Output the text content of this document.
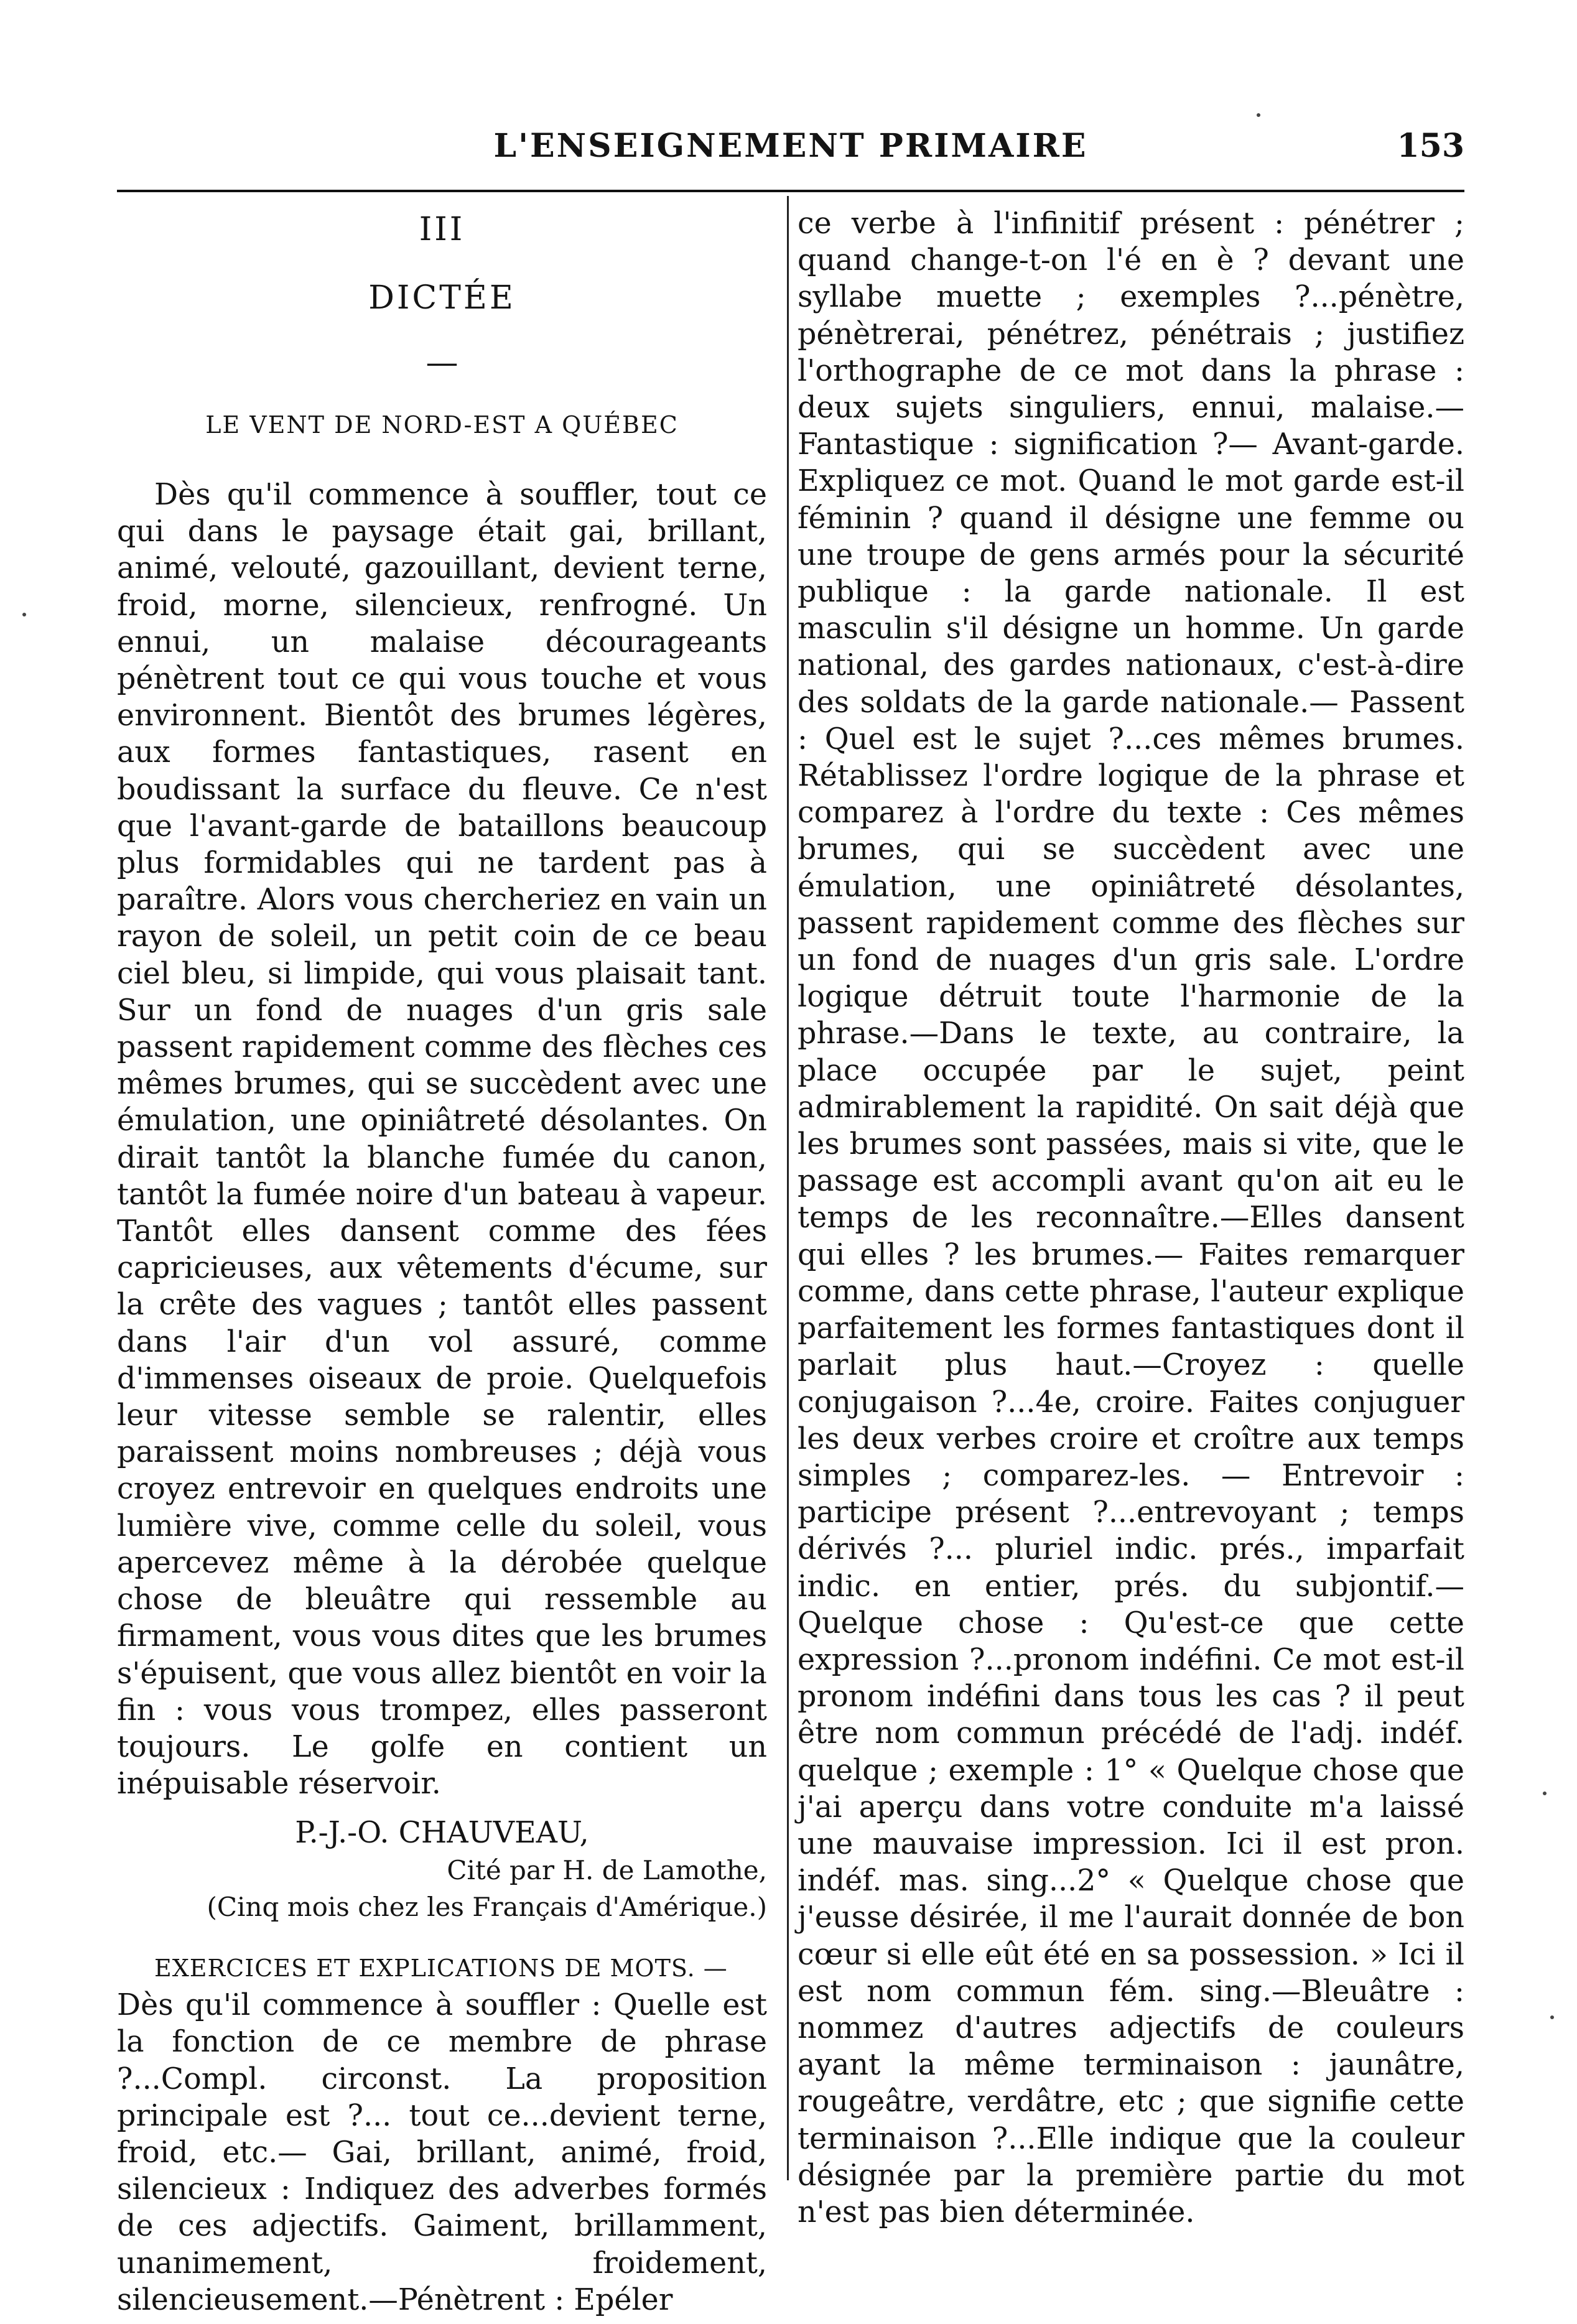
L'ENSEIGNEMENT PRIMAIRE	153

III

DICTÉE

—

LE VENT DE NORD-EST A QUÉBEC

Dès qu'il commence à souffler, tout ce qui dans le paysage était gai, brillant, animé, velouté, gazouillant, devient terne, froid, morne, silencieux, renfrogné. Un ennui, un malaise décourageants pénètrent tout ce qui vous touche et vous environnent. Bientôt des brumes légères, aux formes fantastiques, rasent en boudissant la surface du fleuve. Ce n'est que l'avant-garde de bataillons beaucoup plus formidables qui ne tardent pas à paraître. Alors vous chercheriez en vain un rayon de soleil, un petit coin de ce beau ciel bleu, si limpide, qui vous plaisait tant. Sur un fond de nuages d'un gris sale passent rapidement comme des flèches ces mêmes brumes, qui se succèdent avec une émulation, une opiniâtreté désolantes. On dirait tantôt la blanche fumée du canon, tantôt la fumée noire d'un bateau à vapeur. Tantôt elles dansent comme des fées capricieuses, aux vêtements d'écume, sur la crête des vagues ; tantôt elles passent dans l'air d'un vol assuré, comme d'immenses oiseaux de proie. Quelquefois leur vitesse semble se ralentir, elles paraissent moins nombreuses ; déjà vous croyez entrevoir en quelques endroits une lumière vive, comme celle du soleil, vous apercevez même à la dérobée quelque chose de bleuâtre qui ressemble au firmament, vous vous dites que les brumes s'épuisent, que vous allez bientôt en voir la fin : vous vous trompez, elles passeront toujours. Le golfe en contient un inépuisable réservoir.

P.-J.-O. CHAUVEAU,

Cité par H. de Lamothe,

(Cinq mois chez les Français d'Amérique.)

EXERCICES ET EXPLICATIONS DE MOTS. —

Dès qu'il commence à souffler : Quelle est la fonction de ce membre de phrase ?...Compl. circonst. La proposition principale est ?... tout ce...devient terne, froid, etc.— Gai, brillant, animé, froid, silencieux : Indiquez des adverbes formés de ces adjectifs. Gaiment, brillamment, unanimement, froidement, silencieusement.—Pénètrent : Epéler

ce verbe à l'infinitif présent : pénétrer ; quand change-t-on l'é en è ? devant une syllabe muette ; exemples ?...pénètre, pénètrerai, pénétrez, pénétrais ; justifiez l'orthographe de ce mot dans la phrase : deux sujets singuliers, ennui, malaise.—Fantastique : signification ?— Avant-garde. Expliquez ce mot. Quand le mot garde est-il féminin ? quand il désigne une femme ou une troupe de gens armés pour la sécurité publique : la garde nationale. Il est masculin s'il désigne un homme. Un garde national, des gardes nationaux, c'est-à-dire des soldats de la garde nationale.— Passent : Quel est le sujet ?...ces mêmes brumes. Rétablissez l'ordre logique de la phrase et comparez à l'ordre du texte : Ces mêmes brumes, qui se succèdent avec une émulation, une opiniâtreté désolantes, passent rapidement comme des flèches sur un fond de nuages d'un gris sale. L'ordre logique détruit toute l'harmonie de la phrase.—Dans le texte, au contraire, la place occupée par le sujet, peint admirablement la rapidité. On sait déjà que les brumes sont passées, mais si vite, que le passage est accompli avant qu'on ait eu le temps de les reconnaître.—Elles dansent qui elles ? les brumes.— Faites remarquer comme, dans cette phrase, l'auteur explique parfaitement les formes fantastiques dont il parlait plus haut.—Croyez : quelle conjugaison ?...4e, croire. Faites conjuguer les deux verbes croire et croître aux temps simples ; comparez-les. — Entrevoir : participe présent ?...entrevoyant ; temps dérivés ?... pluriel indic. prés., imparfait indic. en entier, prés. du subjontif.—Quelque chose : Qu'est-ce que cette expression ?...pronom indéfini. Ce mot est-il pronom indéfini dans tous les cas ? il peut être nom commun précédé de l'adj. indéf. quelque ; exemple : 1° « Quelque chose que j'ai aperçu dans votre conduite m'a laissé une mauvaise impression. Ici il est pron. indéf. mas. sing...2° « Quelque chose que j'eusse désirée, il me l'aurait donnée de bon cœur si elle eût été en sa possession. » Ici il est nom commun fém. sing.—Bleuâtre : nommez d'autres adjectifs de couleurs ayant la même terminaison : jaunâtre, rougeâtre, verdâtre, etc ; que signifie cette terminaison ?...Elle indique que la couleur désignée par la première partie du mot n'est pas bien déterminée.
